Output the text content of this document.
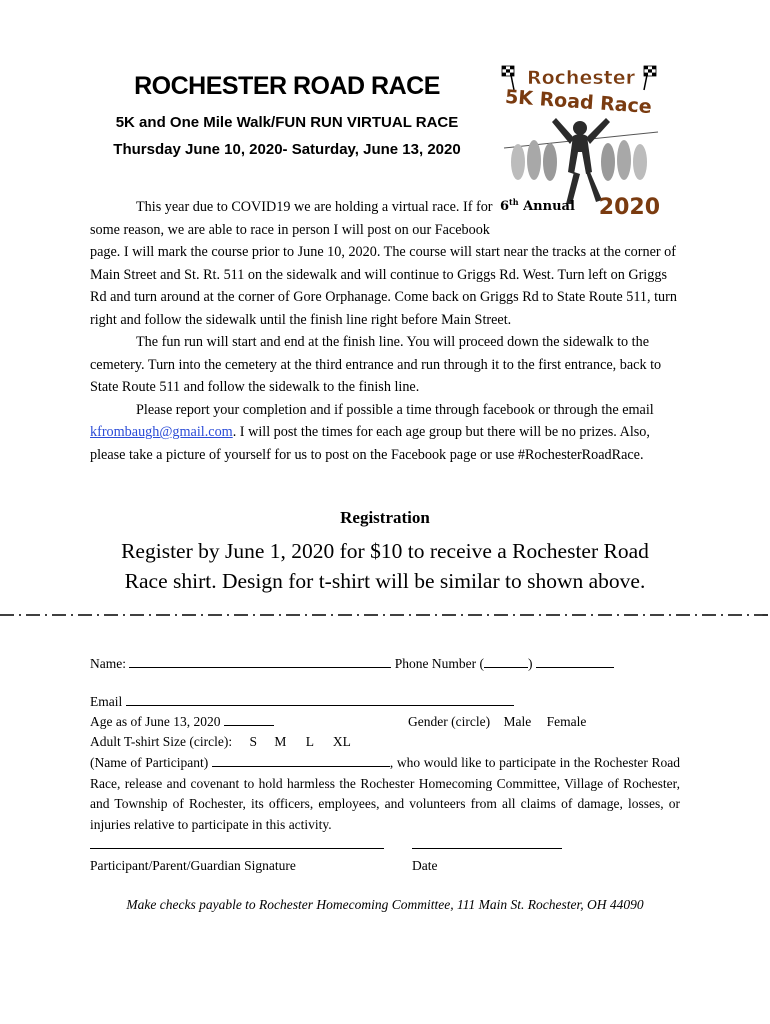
ROCHESTER ROAD RACE

5K and One Mile Walk/FUN RUN VIRTUAL RACE

Thursday June 10, 2020- Saturday, June 13, 2020

Rochester
5K Road Race
6th Annual 2020

This year due to COVID19 we are holding a virtual race. If for some reason, we are able to race in person I will post on our Facebook page. I will mark the course prior to June 10, 2020. The course will start near the tracks at the corner of Main Street and St. Rt. 511 on the sidewalk and will continue to Griggs Rd. West. Turn left on Griggs Rd and turn around at the corner of Gore Orphanage. Come back on Griggs Rd to State Route 511, turn right and follow the sidewalk until the finish line right before Main Street.

The fun run will start and end at the finish line. You will proceed down the sidewalk to the cemetery. Turn into the cemetery at the third entrance and run through it to the first entrance, back to State Route 511 and follow the sidewalk to the finish line.

Please report your completion and if possible a time through facebook or through the email kfrombaugh@gmail.com. I will post the times for each age group but there will be no prizes. Also, please take a picture of yourself for us to post on the Facebook page or use #RochesterRoadRace.

Registration
Register by June 1, 2020 for $10 to receive a Rochester Road
Race shirt. Design for t-shirt will be similar to shown above.
Name:	Phone Number (	)
Email
Age as of June 13, 2020	Gender (circle) Male Female
Adult T-shirt Size (circle): S M L XL
(Name of Participant)	, who would like to participate in the Rochester Road Race, release and covenant to hold harmless the Rochester Homecoming Committee, Village of Rochester, and Township of Rochester, its officers, employees, and volunteers from all claims of damage, losses, or injuries relative to participate in this activity.
Participant/Parent/Guardian Signature	Date
Make checks payable to Rochester Homecoming Committee, 111 Main St. Rochester, OH 44090
